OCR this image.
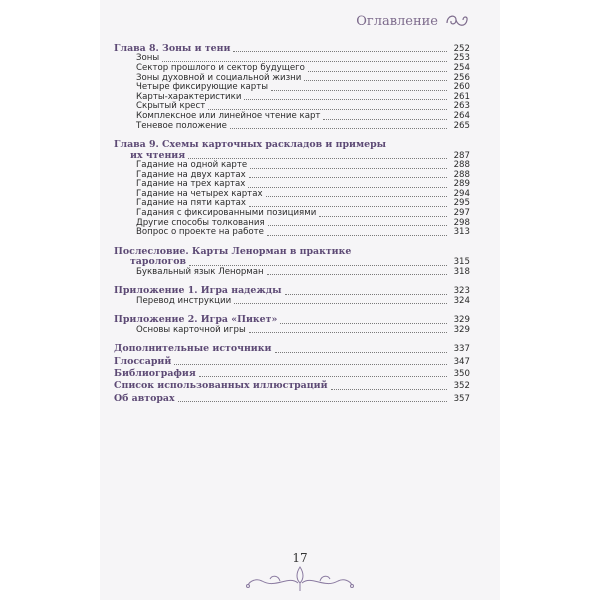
Оглавление
Глава 8. Зоны и тени	252
Зоны	253
Сектор прошлого и сектор будущего	254
Зоны духовной и социальной жизни	256
Четыре фиксирующие карты	260
Карты-характеристики	261
Скрытый крест	263
Комплексное или линейное чтение карт	264
Теневое положение	265
Глава 9. Схемы карточных раскладов и примеры
их чтения	287
Гадание на одной карте	288
Гадание на двух картах	288
Гадание на трех картах	289
Гадание на четырех картах	294
Гадание на пяти картах	295
Гадания с фиксированными позициями	297
Другие способы толкования	298
Вопрос о проекте на работе	313
Послесловие. Карты Ленорман в практике
тарологов	315
Буквальный язык Ленорман	318
Приложение 1. Игра надежды	323
Перевод инструкции	324
Приложение 2. Игра «Пикет»	329
Основы карточной игры	329
Дополнительные источники	337
Глоссарий	347
Библиография	350
Список использованных иллюстраций	352
Об авторах	357
17
